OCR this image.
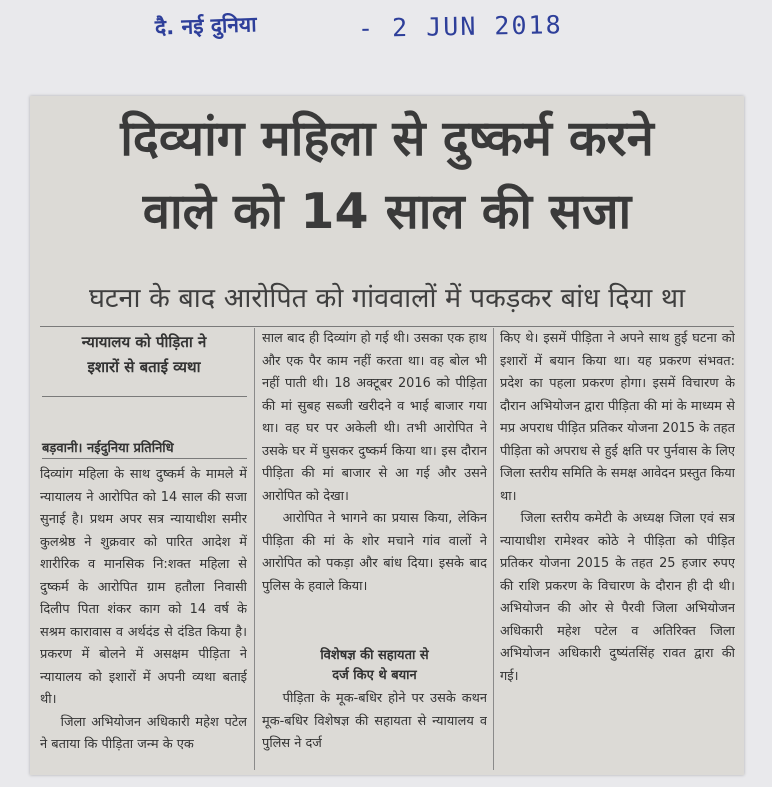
दै. नई दुनिया	- 2 JUN 2018
दिव्यांग महिला से दुष्कर्म करने
वाले को 14 साल की सजा
घटना के बाद आरोपित को गांववालों में पकड़कर बांध दिया था
न्यायालय को पीड़िता ने
इशारों से बताई व्यथा
बड़वानी। नईदुनिया प्रतिनिधि

दिव्यांग महिला के साथ दुष्कर्म के मामले में न्यायालय ने आरोपित को 14 साल की सजा सुनाई है। प्रथम अपर सत्र न्यायाधीश समीर कुलश्रेष्ठ ने शुक्रवार को पारित आदेश में शारीरिक व मानसिक नि:शक्त महिला से दुष्कर्म के आरोपित ग्राम हतौला निवासी दिलीप पिता शंकर काग को 14 वर्ष के सश्रम कारावास व अर्थदंड से दंडित किया है। प्रकरण में बोलने में असक्षम पीड़िता ने न्यायालय को इशारों में अपनी व्यथा बताई थी।

जिला अभियोजन अधिकारी महेश पटेल ने बताया कि पीड़िता जन्म के एक

साल बाद ही दिव्यांग हो गई थी। उसका एक हाथ और एक पैर काम नहीं करता था। वह बोल भी नहीं पाती थी। 18 अक्टूबर 2016 को पीड़िता की मां सुबह सब्जी खरीदने व भाई बाजार गया था। वह घर पर अकेली थी। तभी आरोपित ने उसके घर में घुसकर दुष्कर्म किया था। इस दौरान पीड़िता की मां बाजार से आ गई और उसने आरोपित को देखा।

आरोपित ने भागने का प्रयास किया, लेकिन पीड़िता की मां के शोर मचाने गांव वालों ने आरोपित को पकड़ा और बांध दिया। इसके बाद पुलिस के हवाले किया।

विशेषज्ञ की सहायता से
दर्ज किए थे बयान

पीड़िता के मूक-बधिर होने पर उसके कथन मूक-बधिर विशेषज्ञ की सहायता से न्यायालय व पुलिस ने दर्ज

किए थे। इसमें पीड़िता ने अपने साथ हुई घटना को इशारों में बयान किया था। यह प्रकरण संभवत: प्रदेश का पहला प्रकरण होगा। इसमें विचारण के दौरान अभियोजन द्वारा पीड़िता की मां के माध्यम से मप्र अपराध पीड़ित प्रतिकर योजना 2015 के तहत पीड़िता को अपराध से हुई क्षति पर पुर्नवास के लिए जिला स्तरीय समिति के समक्ष आवेदन प्रस्तुत किया था।

जिला स्तरीय कमेटी के अध्यक्ष जिला एवं सत्र न्यायाधीश रामेश्वर कोठे ने पीड़िता को पीड़ित प्रतिकर योजना 2015 के तहत 25 हजार रुपए की राशि प्रकरण के विचारण के दौरान ही दी थी। अभियोजन की ओर से पैरवी जिला अभियोजन अधिकारी महेश पटेल व अतिरिक्त जिला अभियोजन अधिकारी दुष्यंतसिंह रावत द्वारा की गई।
